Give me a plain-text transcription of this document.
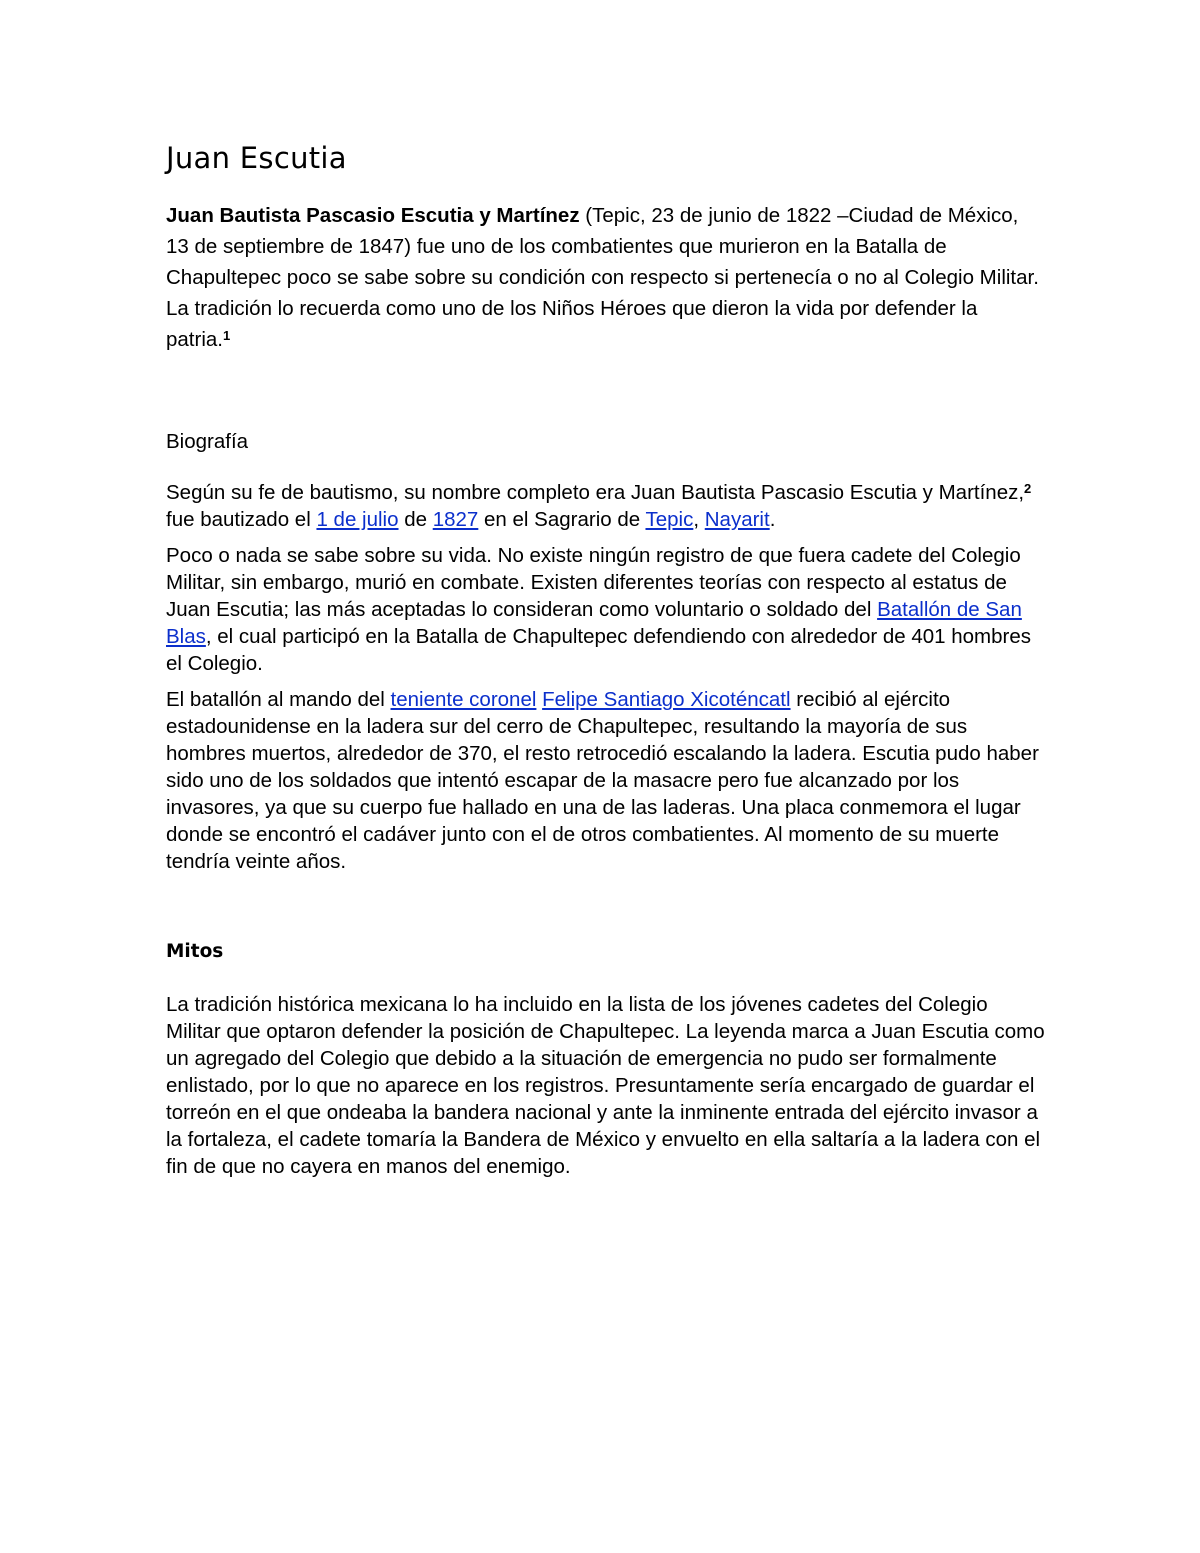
Juan Escutia

Juan Bautista Pascasio Escutia y Martínez (Tepic, 23 de junio de 1822 –Ciudad de México, 13 de septiembre de 1847) fue uno de los combatientes que murieron en la Batalla de Chapultepec poco se sabe sobre su condición con respecto si pertenecía o no al Colegio Militar. La tradición lo recuerda como uno de los Niños Héroes que dieron la vida por defender la patria.$^1$

Biografía

Según su fe de bautismo, su nombre completo era Juan Bautista Pascasio Escutia y Martínez,$^2$ fue bautizado el 1 de julio de 1827 en el Sagrario de Tepic, Nayarit.

Poco o nada se sabe sobre su vida. No existe ningún registro de que fuera cadete del Colegio Militar, sin embargo, murió en combate. Existen diferentes teorías con respecto al estatus de Juan Escutia; las más aceptadas lo consideran como voluntario o soldado del Batallón de San Blas, el cual participó en la Batalla de Chapultepec defendiendo con alrededor de 401 hombres el Colegio.

El batallón al mando del teniente coronel Felipe Santiago Xicoténcatl recibió al ejército estadounidense en la ladera sur del cerro de Chapultepec, resultando la mayoría de sus hombres muertos, alrededor de 370, el resto retrocedió escalando la ladera. Escutia pudo haber sido uno de los soldados que intentó escapar de la masacre pero fue alcanzado por los invasores, ya que su cuerpo fue hallado en una de las laderas. Una placa conmemora el lugar donde se encontró el cadáver junto con el de otros combatientes. Al momento de su muerte tendría veinte años.

Mitos

La tradición histórica mexicana lo ha incluido en la lista de los jóvenes cadetes del Colegio Militar que optaron defender la posición de Chapultepec. La leyenda marca a Juan Escutia como un agregado del Colegio que debido a la situación de emergencia no pudo ser formalmente enlistado, por lo que no aparece en los registros. Presuntamente sería encargado de guardar el torreón en el que ondeaba la bandera nacional y ante la inminente entrada del ejército invasor a la fortaleza, el cadete tomaría la Bandera de México y envuelto en ella saltaría a la ladera con el fin de que no cayera en manos del enemigo.
